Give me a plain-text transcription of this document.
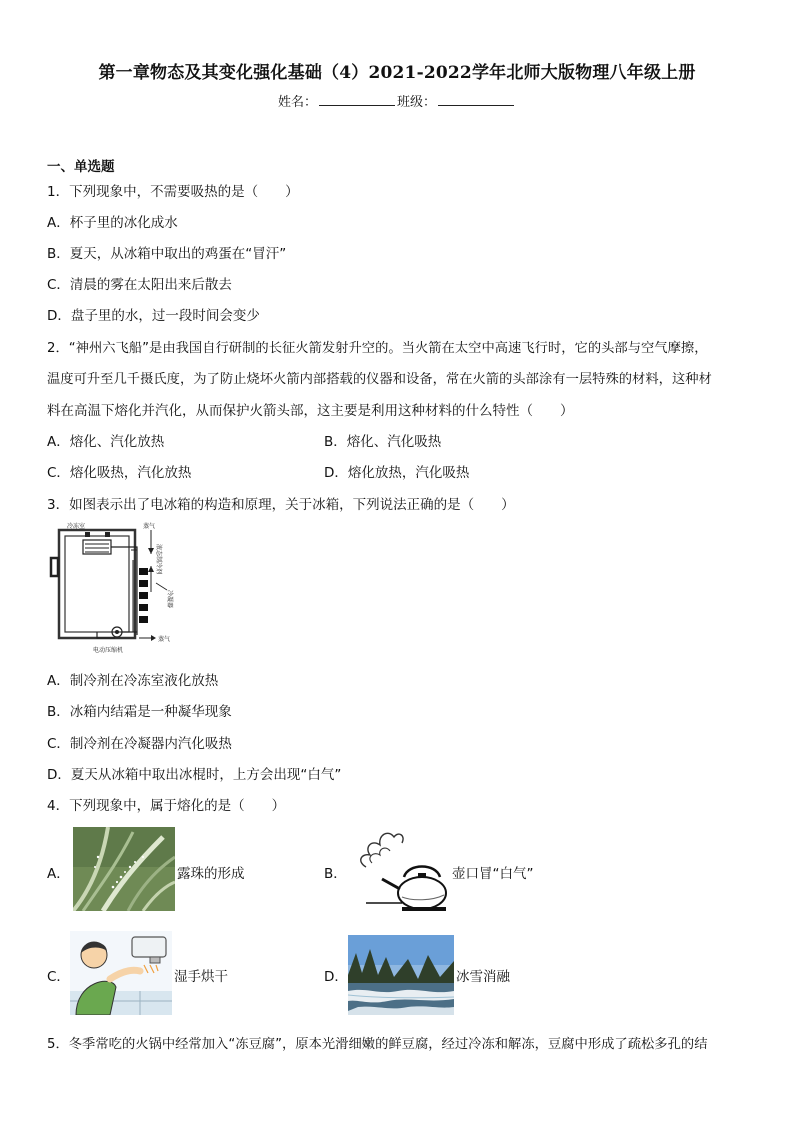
第一章物态及其变化强化基础（4）2021-2022学年北师大版物理八年级上册
姓名：	班级：
一、单选题
1．下列现象中，不需要吸热的是（　　）
A．杯子里的冰化成水
B．夏天，从冰箱中取出的鸡蛋在“冒汗”
C．清晨的雾在太阳出来后散去
D．盘子里的水，过一段时间会变少
2．“神州六飞船”是由我国自行研制的长征火箭发射升空的。当火箭在太空中高速飞行时，它的头部与空气摩擦，
温度可升至几千摄氏度，为了防止烧坏火箭内部搭载的仪器和设备，常在火箭的头部涂有一层特殊的材料，这种材
料在高温下熔化并汽化，从而保护火箭头部，这主要是利用这种材料的什么特性（　　）
A．熔化、汽化放热	B．熔化、汽化吸热
C．熔化吸热，汽化放热	D．熔化放热，汽化吸热
3．如图表示出了电冰箱的构造和原理，关于冰箱，下列说法正确的是（　　）
冷冻室	蒸气
液态制冷剂
冷凝器
蒸气
电动压缩机
A．制冷剂在冷冻室液化放热
B．冰箱内结霜是一种凝华现象
C．制冷剂在冷凝器内汽化吸热
D．夏天从冰箱中取出冰棍时，上方会出现“白气”
4．下列现象中，属于熔化的是（　　）
A．	露珠的形成	B．	壶口冒“白气”
C．	湿手烘干	D．	冰雪消融
5．冬季常吃的火锅中经常加入“冻豆腐”，原本光滑细嫩的鲜豆腐，经过冷冻和解冻，豆腐中形成了疏松多孔的结
